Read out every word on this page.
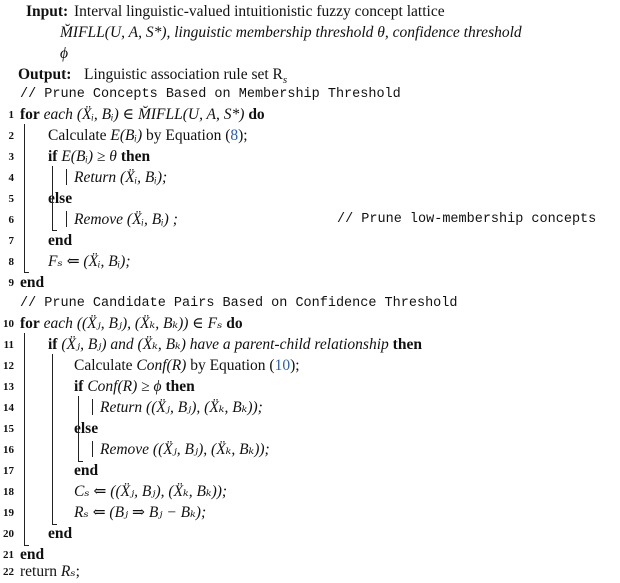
Input: Interval linguistic-valued intuitionistic fuzzy concept lattice
M̆IFLL(U, A, S*), linguistic membership threshold θ, confidence threshold
ϕ
Output: Linguistic association rule set $R_s$
// Prune Concepts Based on Membership Threshold
1 for each (Ẍᵢ, Bᵢ) ∈ M̆IFLL(U, A, S*) do
2 Calculate E(Bᵢ) by Equation (8);
3 if E(Bᵢ) ≥ θ then
4	Return (Ẍᵢ, Bᵢ);
5 else
6	Remove (Ẍᵢ, Bᵢ) ;	// Prune low-membership concepts
7 end
8 Fₛ ⇐ (Ẍᵢ, Bᵢ);
9 end
// Prune Candidate Pairs Based on Confidence Threshold
10 for each ((Ẍⱼ, Bⱼ), (Ẍₖ, Bₖ)) ∈ Fₛ do
11 if (Ẍⱼ, Bⱼ) and (Ẍₖ, Bₖ) have a parent-child relationship then
12	Calculate Conf(R) by Equation (10);
13	if Conf(R) ≥ ϕ then
14	Return ((Ẍⱼ, Bⱼ), (Ẍₖ, Bₖ));
15	else
16	Remove ((Ẍⱼ, Bⱼ), (Ẍₖ, Bₖ));
17	end
18	Cₛ ⇐ ((Ẍⱼ, Bⱼ), (Ẍₖ, Bₖ));
19	Rₛ ⇐ (Bⱼ ⇒ Bⱼ − Bₖ);
20 end
21 end
22 return Rₛ;
